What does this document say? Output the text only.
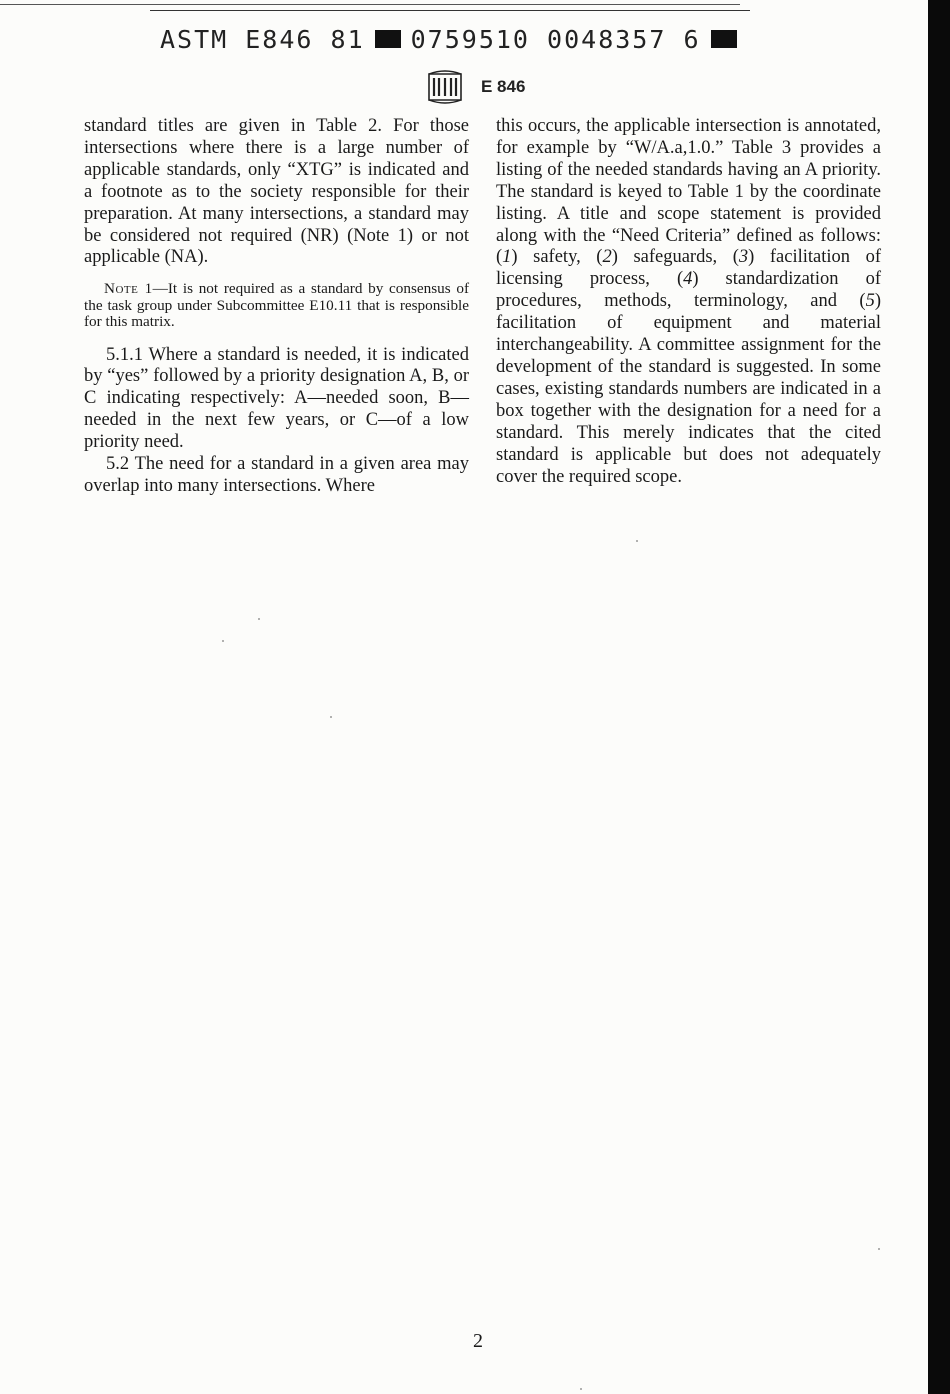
ASTM E846 81 0759510 0048357 6
E 846

standard titles are given in Table 2. For those intersections where there is a large number of applicable standards, only “XTG” is indicated and a footnote as to the society responsible for their preparation. At many intersections, a standard may be considered not required (NR) (Note 1) or not applicable (NA).

Note 1—It is not required as a standard by consensus of the task group under Subcommittee E10.11 that is responsible for this matrix.

5.1.1 Where a standard is needed, it is indicated by “yes” followed by a priority designation A, B, or C indicating respectively: A—needed soon, B—needed in the next few years, or C—of a low priority need.

5.2 The need for a standard in a given area may overlap into many intersections. Where

this occurs, the applicable intersection is annotated, for example by “W/A.a,1.0.” Table 3 provides a listing of the needed standards having an A priority. The standard is keyed to Table 1 by the coordinate listing. A title and scope statement is provided along with the “Need Criteria” defined as follows: (1) safety, (2) safeguards, (3) facilitation of licensing process, (4) standardization of procedures, methods, terminology, and (5) facilitation of equipment and material interchangeability. A committee assignment for the development of the standard is suggested. In some cases, existing standards numbers are indicated in a box together with the designation for a need for a standard. This merely indicates that the cited standard is applicable but does not adequately cover the required scope.

2
